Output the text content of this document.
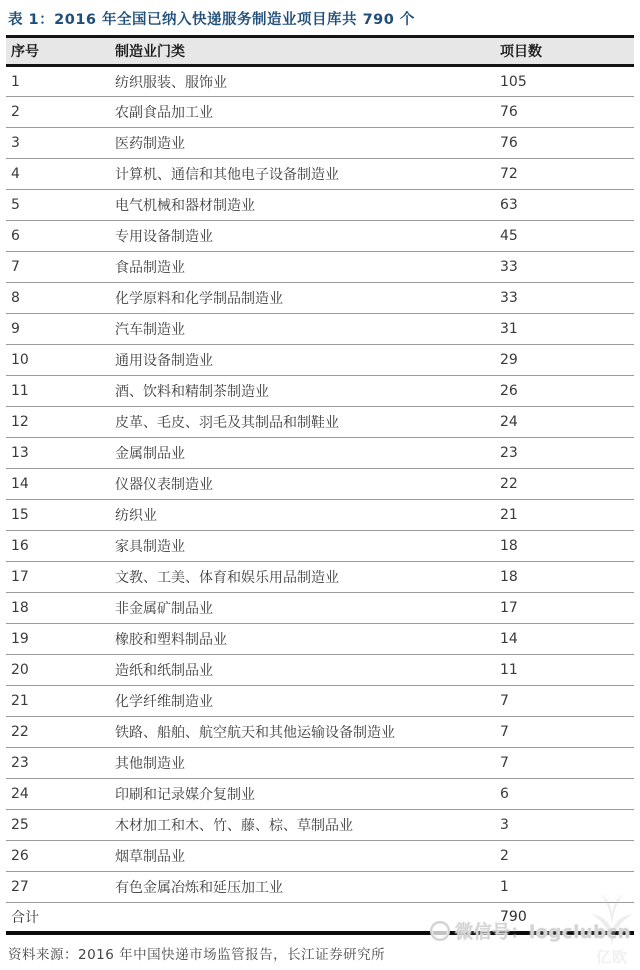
表 1：2016 年全国已纳入快递服务制造业项目库共 790 个
序号	制造业门类	项目数
1	纺织服装、服饰业	105
2	农副食品加工业	76
3	医药制造业	76
4	计算机、通信和其他电子设备制造业	72
5	电气机械和器材制造业	63
6	专用设备制造业	45
7	食品制造业	33
8	化学原料和化学制品制造业	33
9	汽车制造业	31
10	通用设备制造业	29
11	酒、饮料和精制茶制造业	26
12	皮革、毛皮、羽毛及其制品和制鞋业	24
13	金属制品业	23
14	仪器仪表制造业	22
15	纺织业	21
16	家具制造业	18
17	文教、工美、体育和娱乐用品制造业	18
18	非金属矿制品业	17
19	橡胶和塑料制品业	14
20	造纸和纸制品业	11
21	化学纤维制造业	7
22	铁路、船舶、航空航天和其他运输设备制造业	7
23	其他制造业	7
24	印刷和记录媒介复制业	6
25	木材加工和木、竹、藤、棕、草制品业	3
26	烟草制品业	2
27	有色金属冶炼和延压加工业	1
合计		790
资料来源：2016 年中国快递市场监管报告，长江证券研究所
微信号：logclubcn
亿欧
